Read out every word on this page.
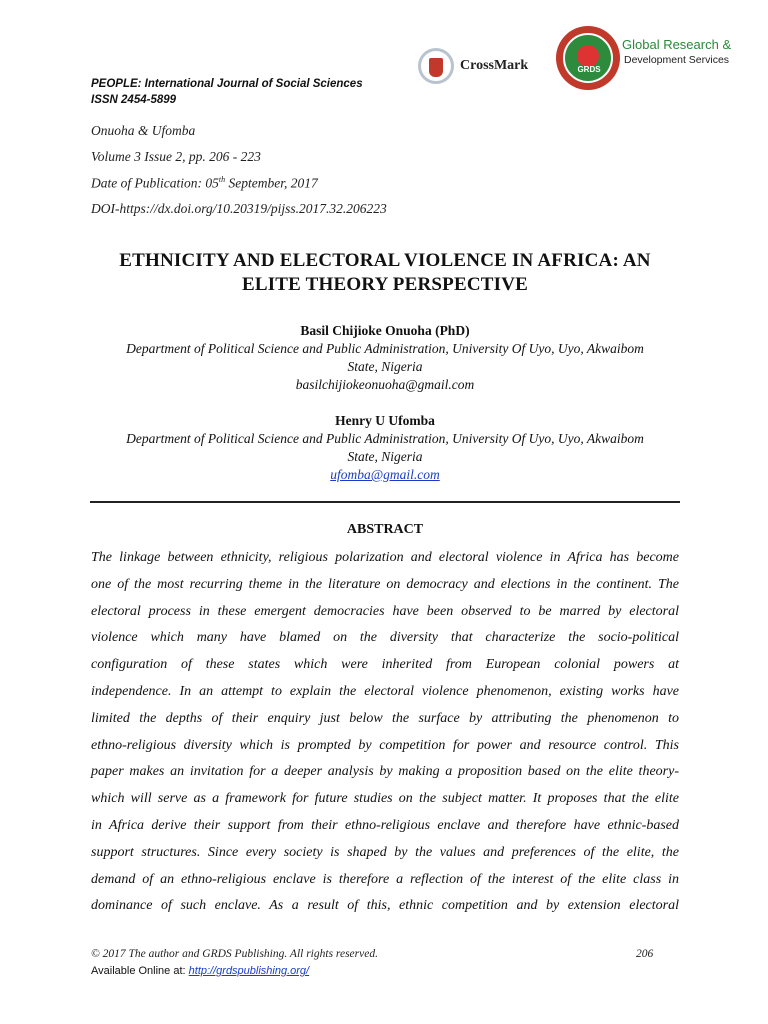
PEOPLE: International Journal of Social Sciences
ISSN 2454-5899
CrossMark	GRDS
Global Research &
Development Services
Onuoha & Ufomba
Volume 3 Issue 2, pp. 206 - 223
Date of Publication: 05th September, 2017
DOI-https://dx.doi.org/10.20319/pijss.2017.32.206223
ETHNICITY AND ELECTORAL VIOLENCE IN AFRICA: AN
ELITE THEORY PERSPECTIVE
Basil Chijioke Onuoha (PhD)
Department of Political Science and Public Administration, University Of Uyo, Uyo, Akwaibom
State, Nigeria
basilchijiokeonuoha@gmail.com
Henry U Ufomba
Department of Political Science and Public Administration, University Of Uyo, Uyo, Akwaibom
State, Nigeria
ufomba@gmail.com
ABSTRACT
The linkage between ethnicity, religious polarization and electoral violence in Africa has become
one of the most recurring theme in the literature on democracy and elections in the continent. The
electoral process in these emergent democracies have been observed to be marred by electoral
violence which many have blamed on the diversity that characterize the socio-political
configuration of these states which were inherited from European colonial powers at
independence. In an attempt to explain the electoral violence phenomenon, existing works have
limited the depths of their enquiry just below the surface by attributing the phenomenon to
ethno-religious diversity which is prompted by competition for power and resource control. This
paper makes an invitation for a deeper analysis by making a proposition based on the elite theory-
which will serve as a framework for future studies on the subject matter. It proposes that the elite
in Africa derive their support from their ethno-religious enclave and therefore have ethnic-based
support structures. Since every society is shaped by the values and preferences of the elite, the
demand of an ethno-religious enclave is therefore a reflection of the interest of the elite class in
dominance of such enclave. As a result of this, ethnic competition and by extension electoral
© 2017 The author and GRDS Publishing. All rights reserved.	206
Available Online at: http://grdspublishing.org/
